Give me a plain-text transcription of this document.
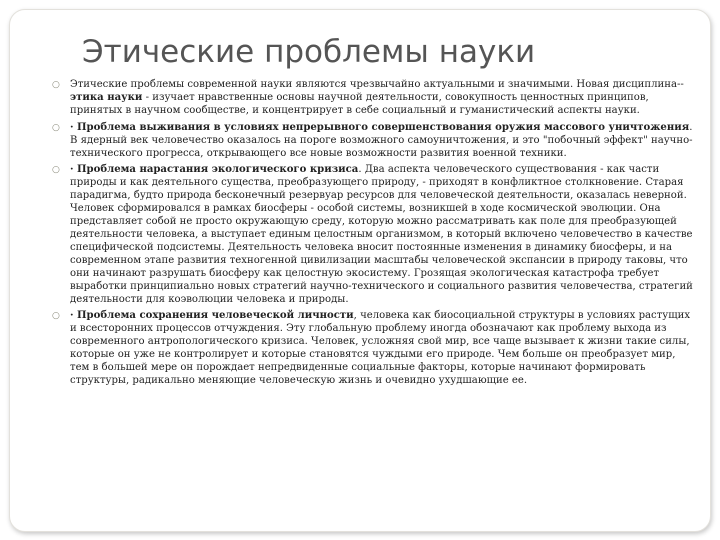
Этические проблемы науки
○ Этические проблемы современной науки являются чрезвычайно актуальными и значимыми. Новая дисциплина-- этика науки - изучает нравственные основы научной деятельности, совокупность ценностных принципов, принятых в научном сообществе, и концентрирует в себе социальный и гуманистический аспекты науки.
○ · Проблема выживания в условиях непрерывного совершенствования оружия массового уничтожения. В ядерный век человечество оказалось на пороге возможного самоуничтожения, и это "побочный эффект" научно-технического прогресса, открывающего все новые возможности развития военной техники.
○ · Проблема нарастания экологического кризиса. Два аспекта человеческого существования - как части природы и как деятельного существа, преобразующего природу, - приходят в конфликтное столкновение. Старая парадигма, будто природа бесконечный резервуар ресурсов для человеческой деятельности, оказалась неверной. Человек сформировался в рамках биосферы - особой системы, возникшей в ходе космической эволюции. Она представляет собой не просто окружающую среду, которую можно рассматривать как поле для преобразующей деятельности человека, а выступает единым целостным организмом, в который включено человечество в качестве специфической подсистемы. Деятельность человека вносит постоянные изменения в динамику биосферы, и на современном этапе развития техногенной цивилизации масштабы человеческой экспансии в природу таковы, что они начинают разрушать биосферу как целостную экосистему. Грозящая экологическая катастрофа требует выработки принципиально новых стратегий научно-технического и социального развития человечества, стратегий деятельности для коэволюции человека и природы.
○ · Проблема сохранения человеческой личности, человека как биосоциальной структуры в условиях растущих и всесторонних процессов отчуждения. Эту глобальную проблему иногда обозначают как проблему выхода из современного антропологического кризиса. Человек, усложняя свой мир, все чаще вызывает к жизни такие силы, которые он уже не контролирует и которые становятся чуждыми его природе. Чем больше он преобразует мир, тем в большей мере он порождает непредвиденные социальные факторы, которые начинают формировать структуры, радикально меняющие человеческую жизнь и очевидно ухудшающие ее.
